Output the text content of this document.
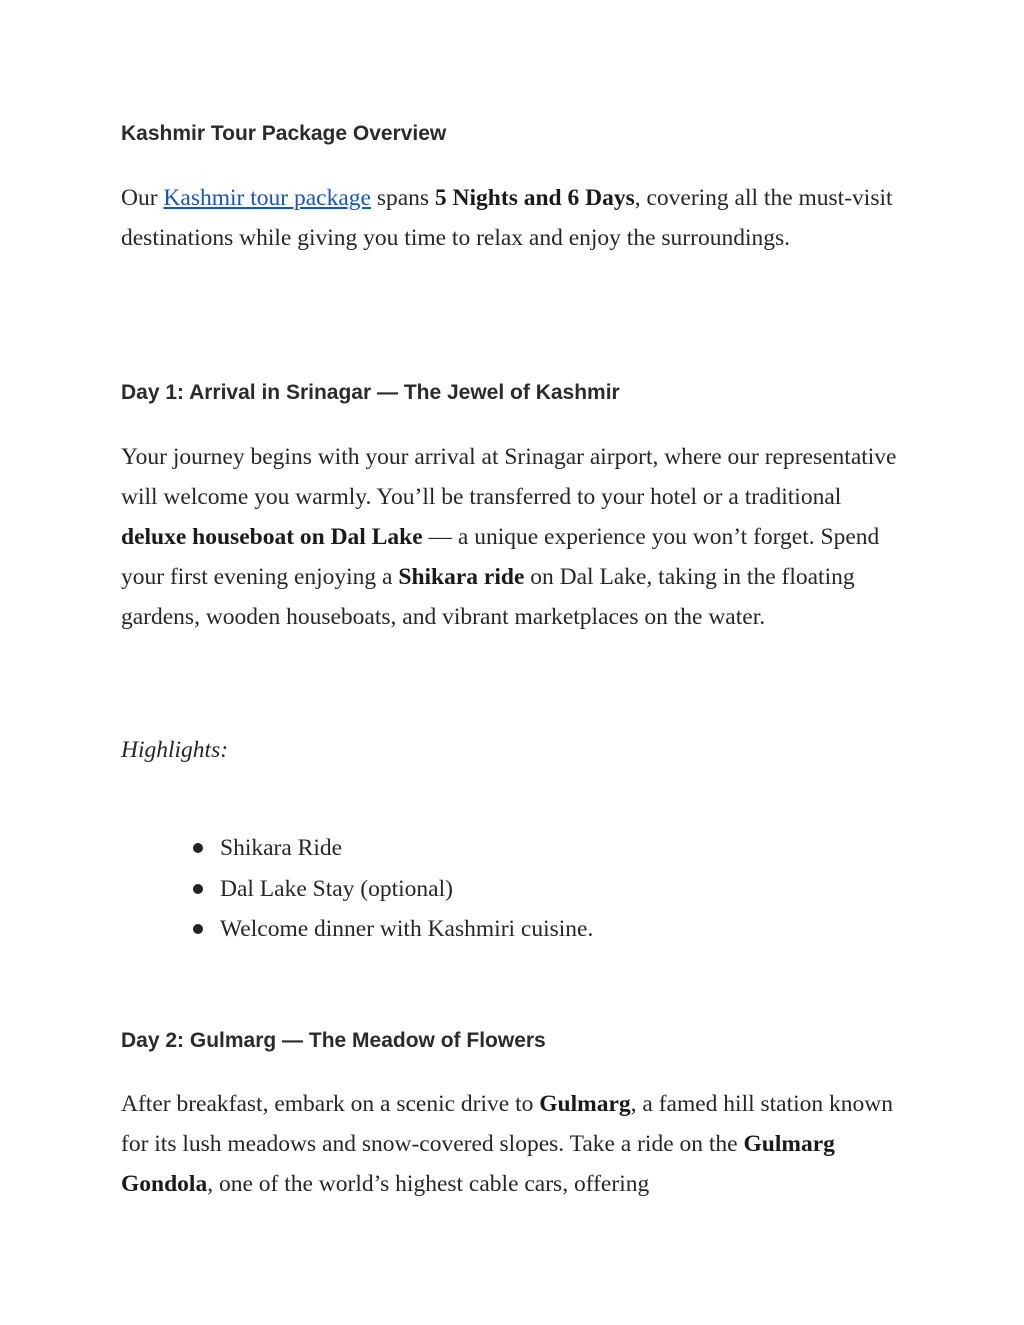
Kashmir Tour Package Overview

Our Kashmir tour package spans 5 Nights and 6 Days, covering all the must-visit destinations while giving you time to relax and enjoy the surroundings.

Day 1: Arrival in Srinagar — The Jewel of Kashmir

Your journey begins with your arrival at Srinagar airport, where our representative will welcome you warmly. You’ll be transferred to your hotel or a traditional deluxe houseboat on Dal Lake — a unique experience you won’t forget. Spend your first evening enjoying a Shikara ride on Dal Lake, taking in the floating gardens, wooden houseboats, and vibrant marketplaces on the water.

Highlights:

Shikara Ride
Dal Lake Stay (optional)
Welcome dinner with Kashmiri cuisine.
Day 2: Gulmarg — The Meadow of Flowers

After breakfast, embark on a scenic drive to Gulmarg, a famed hill station known for its lush meadows and snow-covered slopes. Take a ride on the Gulmarg Gondola, one of the world’s highest cable cars, offering
